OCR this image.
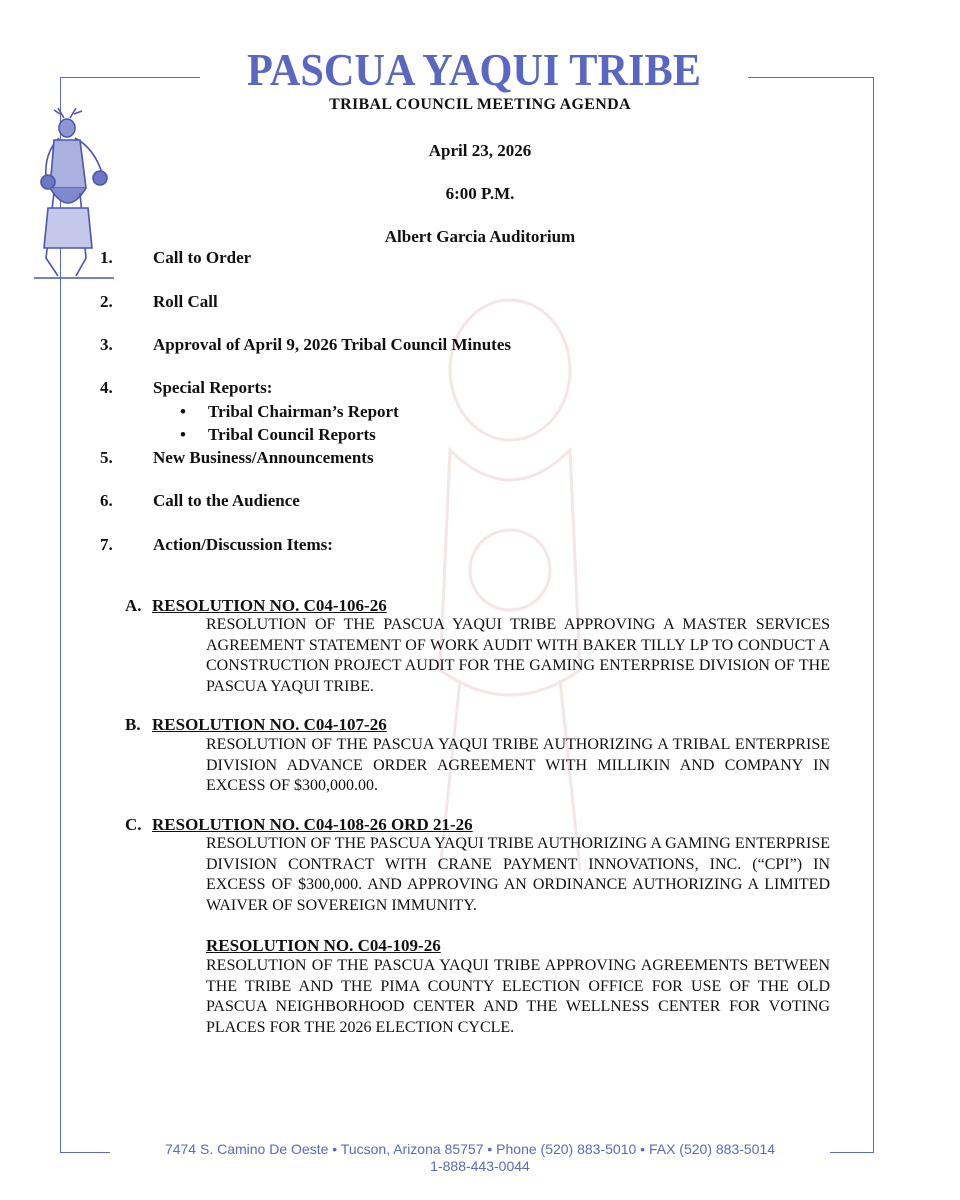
PASCUA YAQUI TRIBE
TRIBAL COUNCIL MEETING AGENDA
April 23, 2026
6:00 P.M.
Albert Garcia Auditorium
1. Call to Order
2. Roll Call
3. Approval of April 9, 2026 Tribal Council Minutes
4. Special Reports:
• Tribal Chairman’s Report
• Tribal Council Reports
5. New Business/Announcements
6. Call to the Audience
7. Action/Discussion Items:
A. RESOLUTION NO. C04-106-26
RESOLUTION OF THE PASCUA YAQUI TRIBE APPROVING A MASTER SERVICES AGREEMENT STATEMENT OF WORK AUDIT WITH BAKER TILLY LP TO CONDUCT A CONSTRUCTION PROJECT AUDIT FOR THE GAMING ENTERPRISE DIVISION OF THE PASCUA YAQUI TRIBE.
B. RESOLUTION NO. C04-107-26
RESOLUTION OF THE PASCUA YAQUI TRIBE AUTHORIZING A TRIBAL ENTERPRISE DIVISION ADVANCE ORDER AGREEMENT WITH MILLIKIN AND COMPANY IN EXCESS OF $300,000.00.
C. RESOLUTION NO. C04-108-26 ORD 21-26
RESOLUTION OF THE PASCUA YAQUI TRIBE AUTHORIZING A GAMING ENTERPRISE DIVISION CONTRACT WITH CRANE PAYMENT INNOVATIONS, INC. (“CPI”) IN EXCESS OF $300,000. AND APPROVING AN ORDINANCE AUTHORIZING A LIMITED WAIVER OF SOVEREIGN IMMUNITY.
RESOLUTION NO. C04-109-26
RESOLUTION OF THE PASCUA YAQUI TRIBE APPROVING AGREEMENTS BETWEEN THE TRIBE AND THE PIMA COUNTY ELECTION OFFICE FOR USE OF THE OLD PASCUA NEIGHBORHOOD CENTER AND THE WELLNESS CENTER FOR VOTING PLACES FOR THE 2026 ELECTION CYCLE.
7474 S. Camino De Oeste • Tucson, Arizona 85757 • Phone (520) 883-5010 • FAX (520) 883-5014
1-888-443-0044
